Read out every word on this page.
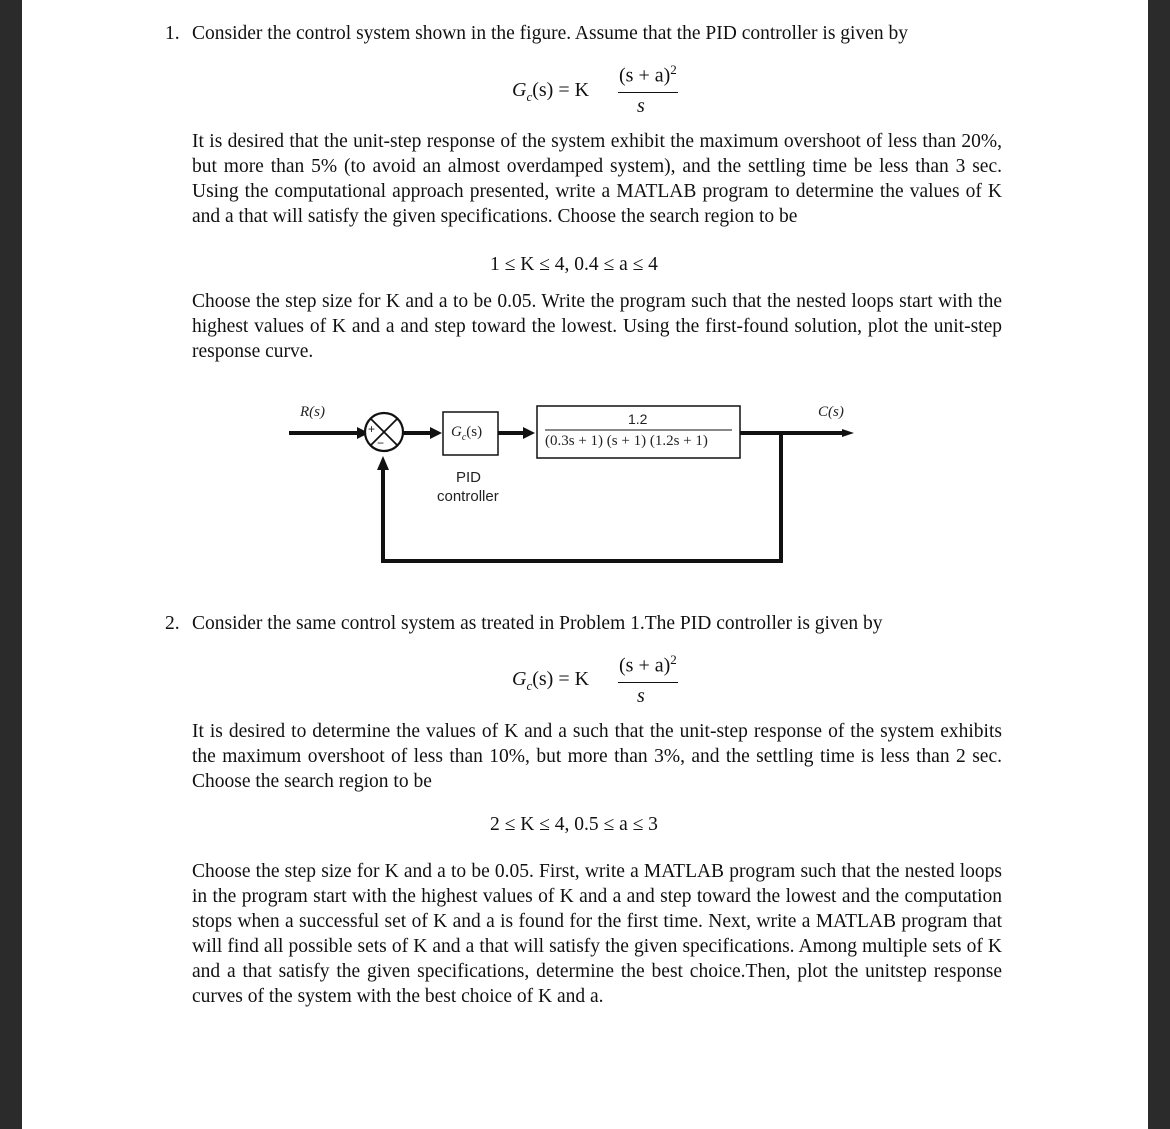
1. Consider the control system shown in the figure. Assume that the PID controller is given by
$G_c(s) = K$
$(s + a)^2$
s

It is desired that the unit-step response of the system exhibit the maximum overshoot of less than 20%, but more than 5% (to avoid an almost overdamped system), and the settling time be less than 3 sec. Using the computational approach presented, write a MATLAB program to determine the values of K and a that will satisfy the given specifications. Choose the search region to be

1 ≤ K ≤ 4, 0.4 ≤ a ≤ 4

Choose the step size for K and a to be 0.05. Write the program such that the nested loops start with the highest values of K and a and step toward the lowest. Using the first-found solution, plot the unit-step response curve.

R(s)	C(s)
+
−
$G_c(s)$
1.2
(0.3s + 1) (s + 1) (1.2s + 1)
PID
controller
2. Consider the same control system as treated in Problem 1.The PID controller is given by
$G_c(s) = K$
$(s + a)^2$
s

It is desired to determine the values of K and a such that the unit-step response of the system exhibits the maximum overshoot of less than 10%, but more than 3%, and the settling time is less than 2 sec. Choose the search region to be

2 ≤ K ≤ 4, 0.5 ≤ a ≤ 3

Choose the step size for K and a to be 0.05. First, write a MATLAB program such that the nested loops in the program start with the highest values of K and a and step toward the lowest and the computation stops when a successful set of K and a is found for the first time. Next, write a MATLAB program that will find all possible sets of K and a that will satisfy the given specifications. Among multiple sets of K and a that satisfy the given specifications, determine the best choice.Then, plot the unitstep response curves of the system with the best choice of K and a.
